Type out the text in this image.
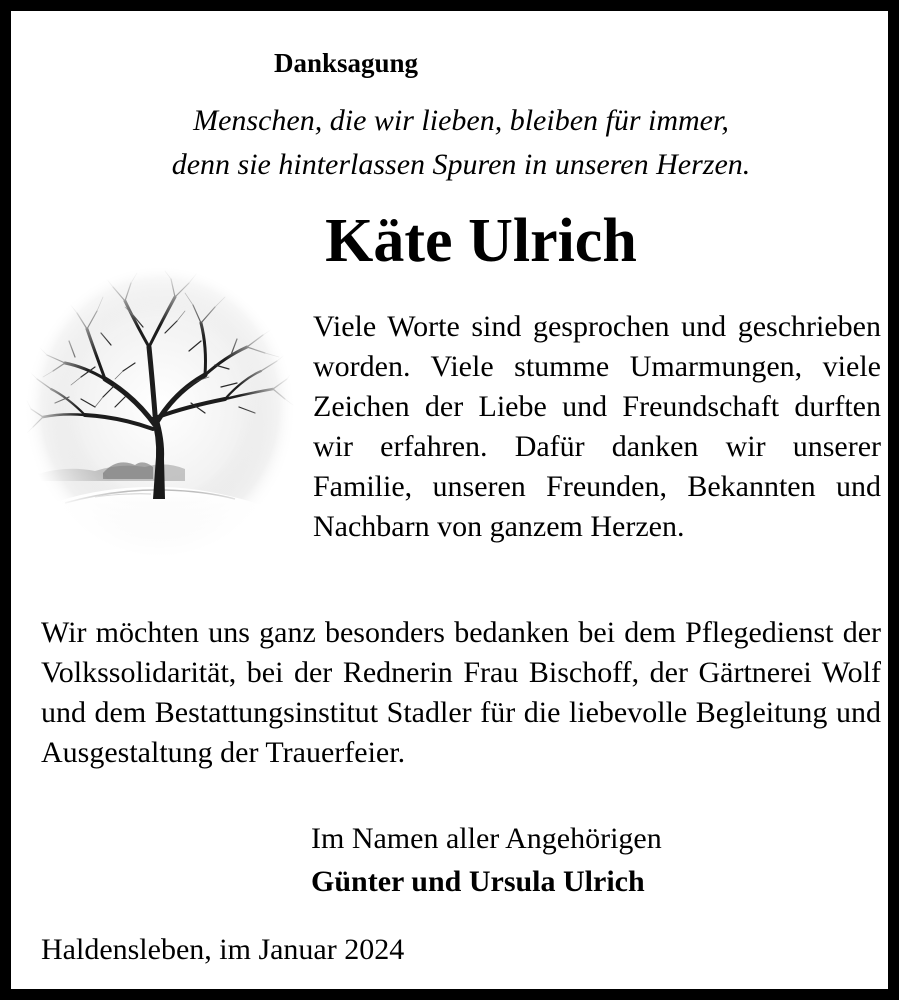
Danksagung
Menschen, die wir lieben, bleiben für immer,
denn sie hinterlassen Spuren in unseren Herzen.
Käte Ulrich

Viele Worte sind gesprochen und geschrieben worden. Viele stumme Umarmungen, viele Zeichen der Liebe und Freundschaft durften wir erfahren. Dafür danken wir unserer Familie, unseren Freunden, Bekannten und Nachbarn von ganzem Herzen.

Wir möchten uns ganz besonders bedanken bei dem Pflegedienst der Volkssolidarität, bei der Rednerin Frau Bischoff, der Gärtnerei Wolf und dem Bestattungsinstitut Stadler für die liebevolle Begleitung und Ausgestaltung der Trauerfeier.

Im Namen aller Angehörigen
Günter und Ursula Ulrich
Haldensleben, im Januar 2024
